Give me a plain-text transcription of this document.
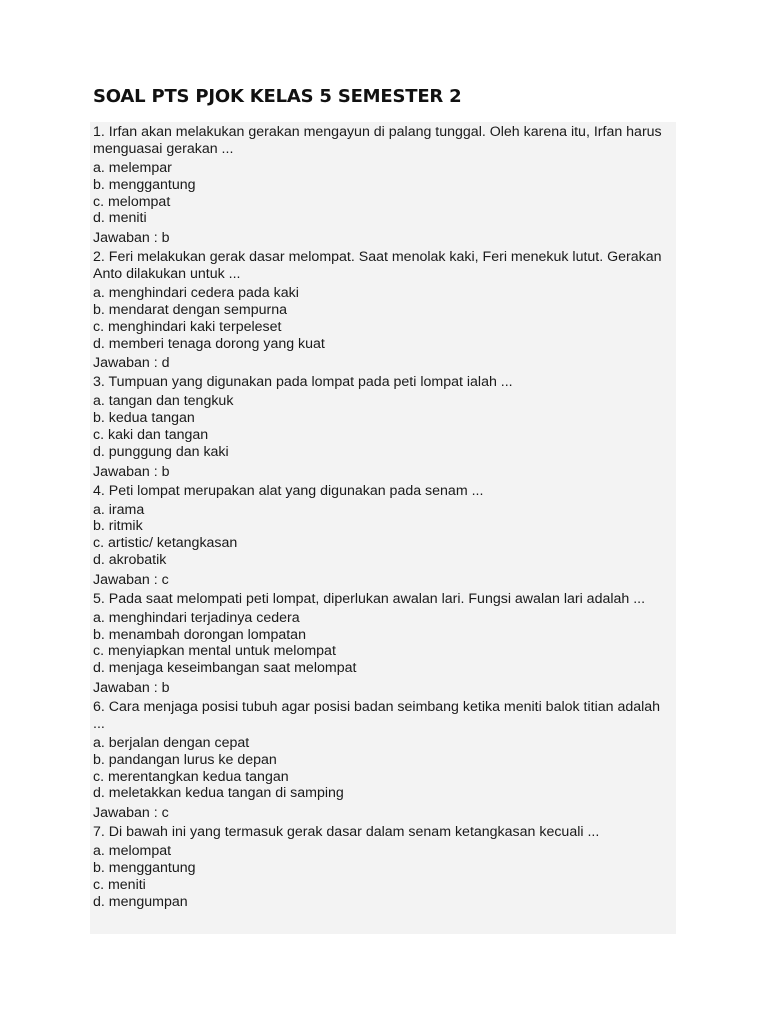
SOAL PTS PJOK KELAS 5 SEMESTER 2
1. Irfan akan melakukan gerakan mengayun di palang tunggal. Oleh karena itu, Irfan harus menguasai gerakan ...
a. melempar
b. menggantung
c. melompat
d. meniti
Jawaban : b
2. Feri melakukan gerak dasar melompat. Saat menolak kaki, Feri menekuk lutut. Gerakan Anto dilakukan untuk ...
a. menghindari cedera pada kaki
b. mendarat dengan sempurna
c. menghindari kaki terpeleset
d. memberi tenaga dorong yang kuat
Jawaban : d
3. Tumpuan yang digunakan pada lompat pada peti lompat ialah ...
a. tangan dan tengkuk
b. kedua tangan
c. kaki dan tangan
d. punggung dan kaki
Jawaban : b
4. Peti lompat merupakan alat yang digunakan pada senam ...
a. irama
b. ritmik
c. artistic/ ketangkasan
d. akrobatik
Jawaban : c
5. Pada saat melompati peti lompat, diperlukan awalan lari. Fungsi awalan lari adalah ...
a. menghindari terjadinya cedera
b. menambah dorongan lompatan
c. menyiapkan mental untuk melompat
d. menjaga keseimbangan saat melompat
Jawaban : b
6. Cara menjaga posisi tubuh agar posisi badan seimbang ketika meniti balok titian adalah ...
a. berjalan dengan cepat
b. pandangan lurus ke depan
c. merentangkan kedua tangan
d. meletakkan kedua tangan di samping
Jawaban : c
7. Di bawah ini yang termasuk gerak dasar dalam senam ketangkasan kecuali ...
a. melompat
b. menggantung
c. meniti
d. mengumpan
